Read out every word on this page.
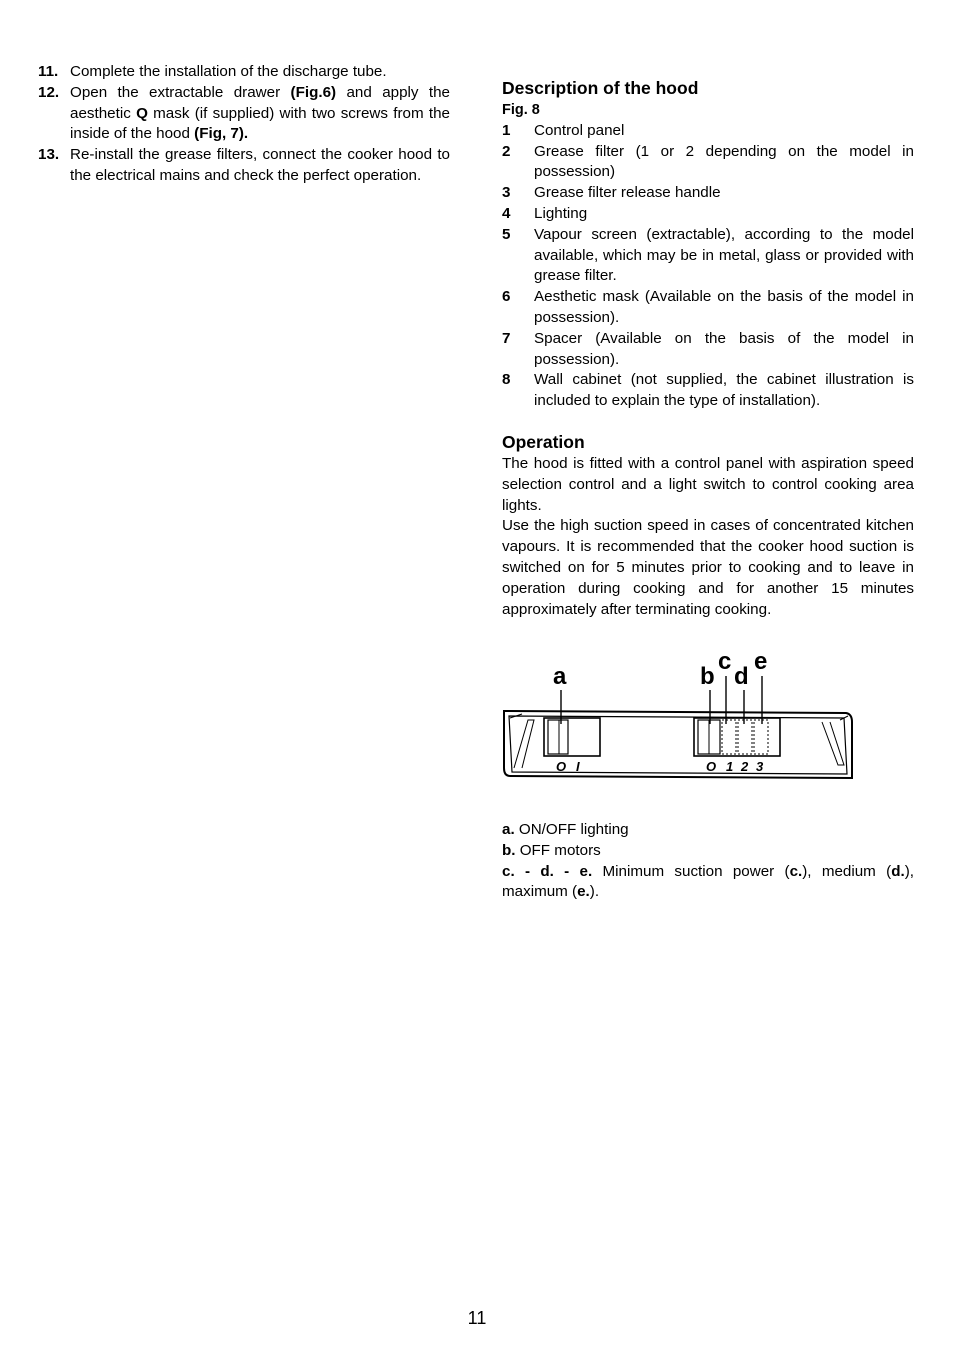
11. Complete the installation of the discharge tube.
12. Open the extractable drawer (Fig.6) and apply the aesthetic Q mask (if supplied) with two screws from the inside of the hood (Fig, 7).
13. Re-install the grease filters, connect the cooker hood to the electrical mains and check the perfect operation.
Description of the hood
Fig. 8
1	Control panel
2	Grease filter (1 or 2 depending on the model in possession)
3	Grease filter release handle
4	Lighting
5	Vapour screen (extractable), according to the model available, which may be in metal, glass or provided with grease filter.
6	Aesthetic mask (Available on the basis of the model in possession).
7	Spacer (Available on the basis of the model in possession).
8	Wall cabinet (not supplied, the cabinet illustration is included to explain the type of installation).
Operation
The hood is fitted with a control panel with aspiration speed selection control and a light switch to control cooking area lights.
Use the high suction speed in cases of concentrated kitchen vapours. It is recommended that the cooker hood suction is switched on for 5 minutes prior to cooking and to leave in operation during cooking and for another 15 minutes approximately after terminating cooking.
O I	O 1 2 3
a	b
c
d
e
a. ON/OFF lighting
b. OFF motors
c. - d. - e. Minimum suction power (c.), medium (d.), maximum (e.).
11
